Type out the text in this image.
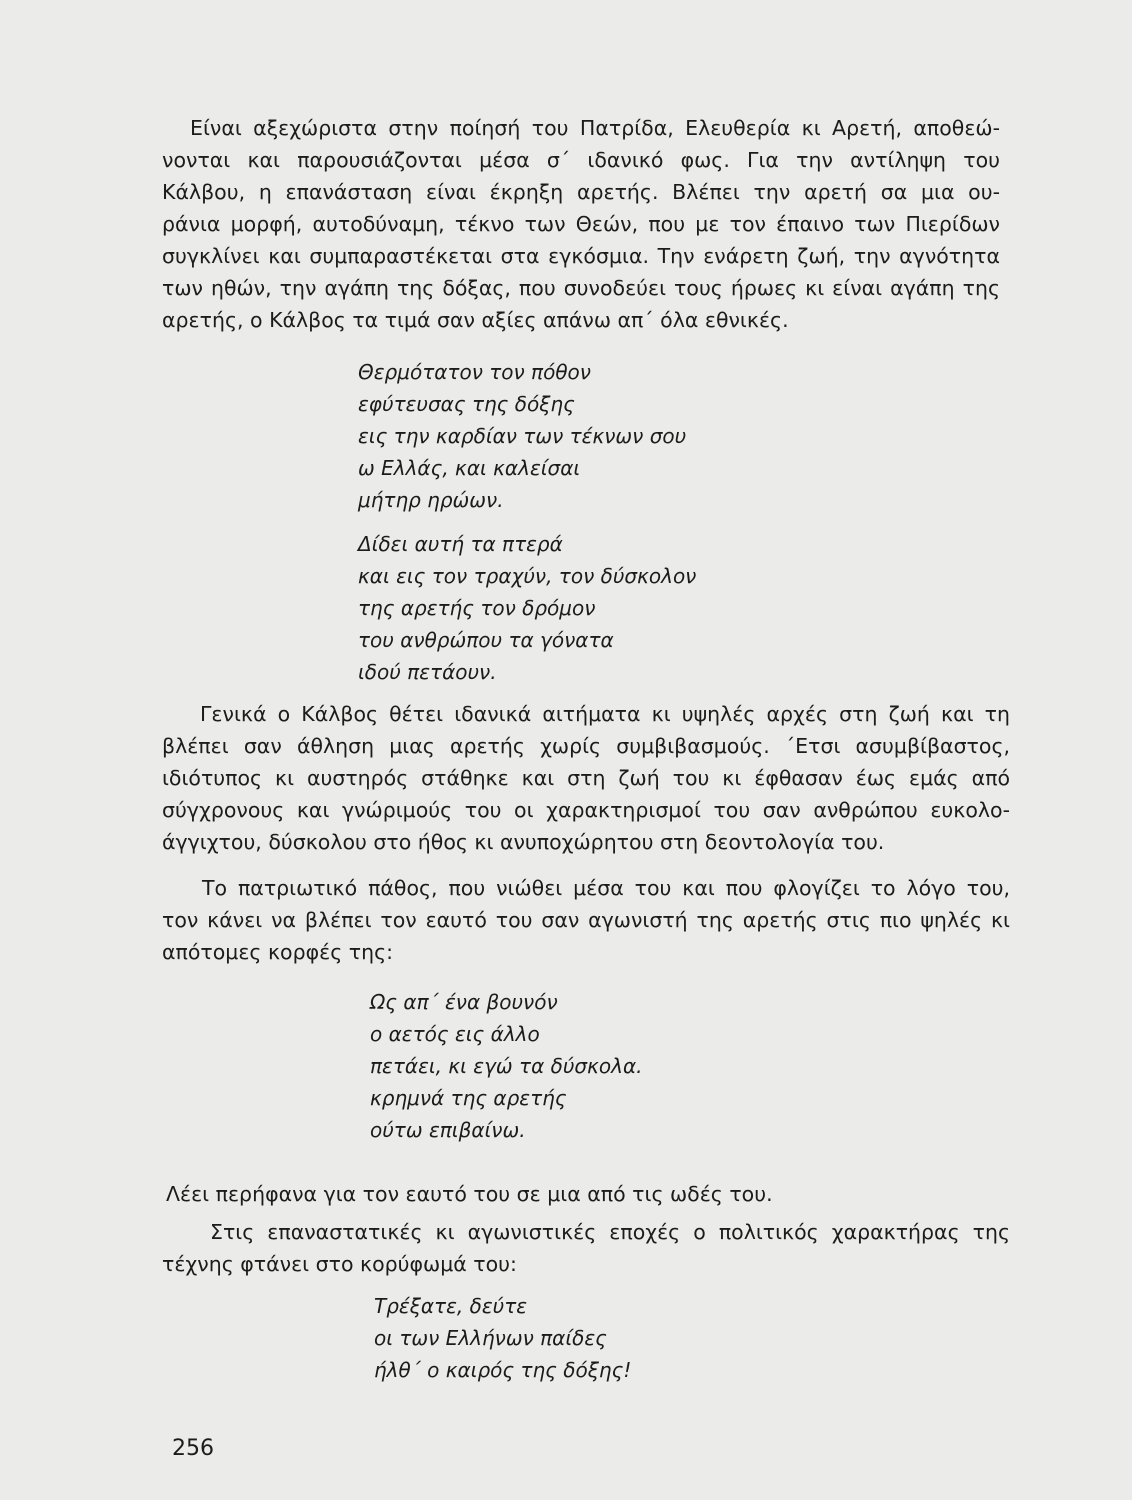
Είναι αξεχώριστα στην ποίησή του Πατρίδα, Ελευθερία κι Αρετή, αποθεώ-
νονται και παρουσιάζονται μέσα σ΄ ιδανικό φως. Για την αντίληψη του
Κάλβου, η επανάσταση είναι έκρηξη αρετής. Βλέπει την αρετή σα μια ου-
ράνια μορφή, αυτοδύναμη, τέκνο των Θεών, που με τον έπαινο των Πιερίδων
συγκλίνει και συμπαραστέκεται στα εγκόσμια. Την ενάρετη ζωή, την αγνότητα
των ηθών, την αγάπη της δόξας, που συνοδεύει τους ήρωες κι είναι αγάπη της
αρετής, ο Κάλβος τα τιμά σαν αξίες απάνω απ΄ όλα εθνικές.
Θερμότατον τον πόθον
εφύτευσας της δόξης
εις την καρδίαν των τέκνων σου
ω Ελλάς, και καλείσαι
μήτηρ ηρώων.
Δίδει αυτή τα πτερά
και εις τον τραχύν, τον δύσκολον
της αρετής τον δρόμον
του ανθρώπου τα γόνατα
ιδού πετάουν.
Γενικά ο Κάλβος θέτει ιδανικά αιτήματα κι υψηλές αρχές στη ζωή και τη
βλέπει σαν άθληση μιας αρετής χωρίς συμβιβασμούς. ΄Ετσι ασυμβίβαστος,
ιδιότυπος κι αυστηρός στάθηκε και στη ζωή του κι έφθασαν έως εμάς από
σύγχρονους και γνώριμούς του οι χαρακτηρισμοί του σαν ανθρώπου ευκολο-
άγγιχτου, δύσκολου στο ήθος κι ανυποχώρητου στη δεοντολογία του.
Το πατριωτικό πάθος, που νιώθει μέσα του και που φλογίζει το λόγο του,
τον κάνει να βλέπει τον εαυτό του σαν αγωνιστή της αρετής στις πιο ψηλές κι
απότομες κορφές της:
Ως απ΄ ένα βουνόν
ο αετός εις άλλο
πετάει, κι εγώ τα δύσκολα.
κρημνά της αρετής
ούτω επιβαίνω.
Λέει περήφανα για τον εαυτό του σε μια από τις ωδές του.
Στις επαναστατικές κι αγωνιστικές εποχές ο πολιτικός χαρακτήρας της
τέχνης φτάνει στο κορύφωμά του:
Τρέξατε, δεύτε
οι των Ελλήνων παίδες
ήλθ΄ ο καιρός της δόξης!
256
